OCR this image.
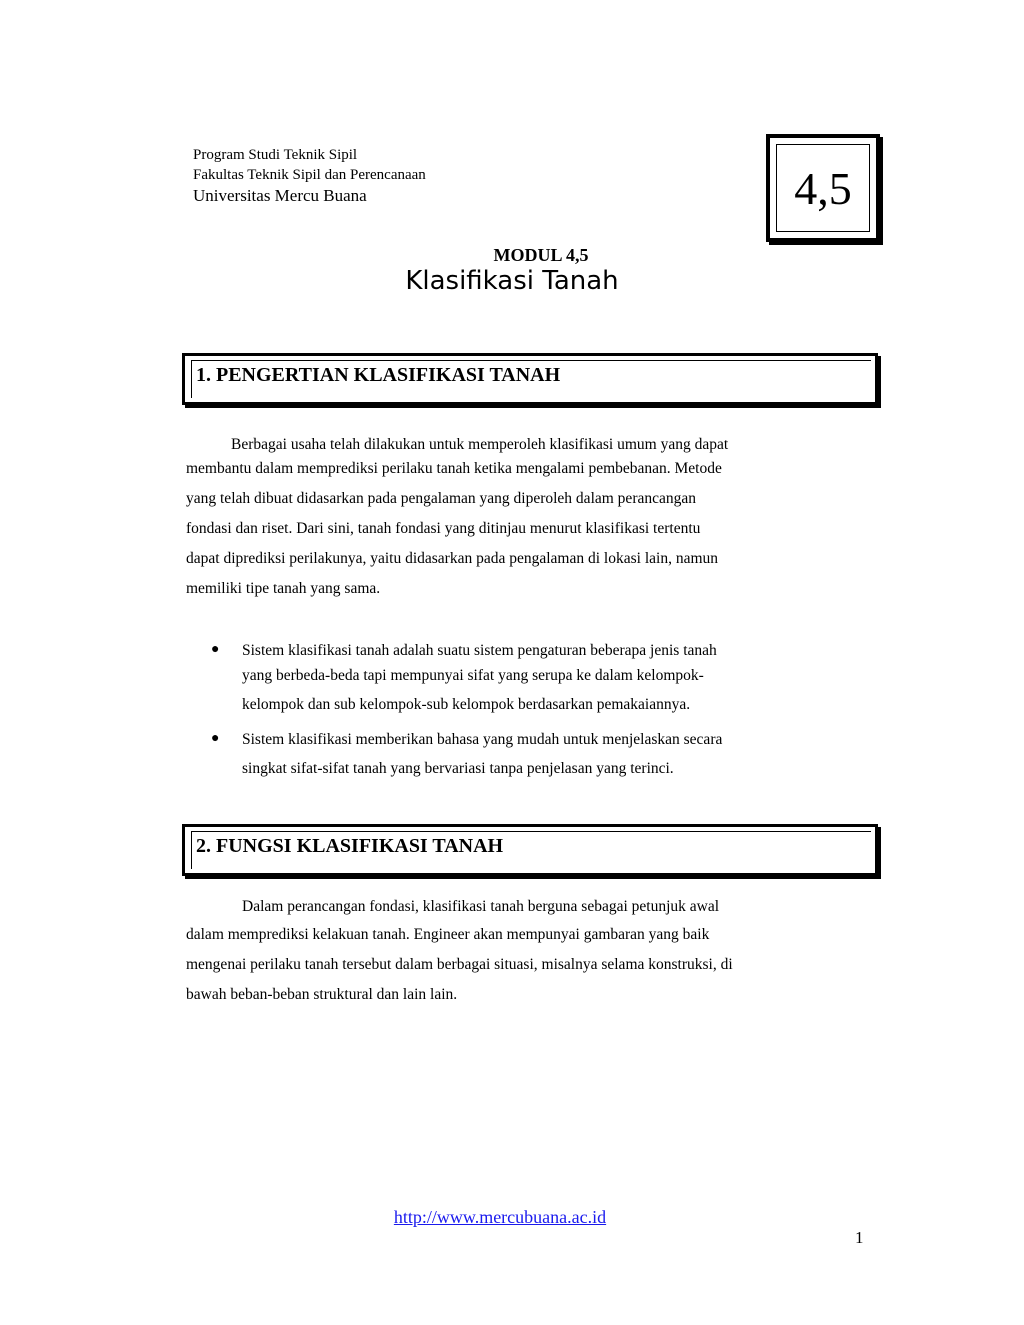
Program Studi Teknik Sipil
Fakultas Teknik Sipil dan Perencanaan
Universitas Mercu Buana	4,5
MODUL 4,5
Klasifikasi Tanah
1. PENGERTIAN KLASIFIKASI TANAH
Berbagai usaha telah dilakukan untuk memperoleh klasifikasi umum yang dapat
membantu dalam memprediksi perilaku tanah ketika mengalami pembebanan. Metode
yang telah dibuat didasarkan pada pengalaman yang diperoleh dalam perancangan
fondasi dan riset. Dari sini, tanah fondasi yang ditinjau menurut klasifikasi tertentu
dapat diprediksi perilakunya, yaitu didasarkan pada pengalaman di lokasi lain, namun
memiliki tipe tanah yang sama.
● Sistem klasifikasi tanah adalah suatu sistem pengaturan beberapa jenis tanah
yang berbeda-beda tapi mempunyai sifat yang serupa ke dalam kelompok-
kelompok dan sub kelompok-sub kelompok berdasarkan pemakaiannya.
● Sistem klasifikasi memberikan bahasa yang mudah untuk menjelaskan secara
singkat sifat-sifat tanah yang bervariasi tanpa penjelasan yang terinci.
2. FUNGSI KLASIFIKASI TANAH
Dalam perancangan fondasi, klasifikasi tanah berguna sebagai petunjuk awal
dalam memprediksi kelakuan tanah. Engineer akan mempunyai gambaran yang baik
mengenai perilaku tanah tersebut dalam berbagai situasi, misalnya selama konstruksi, di
bawah beban-beban struktural dan lain lain.
http://www.mercubuana.ac.id
1
